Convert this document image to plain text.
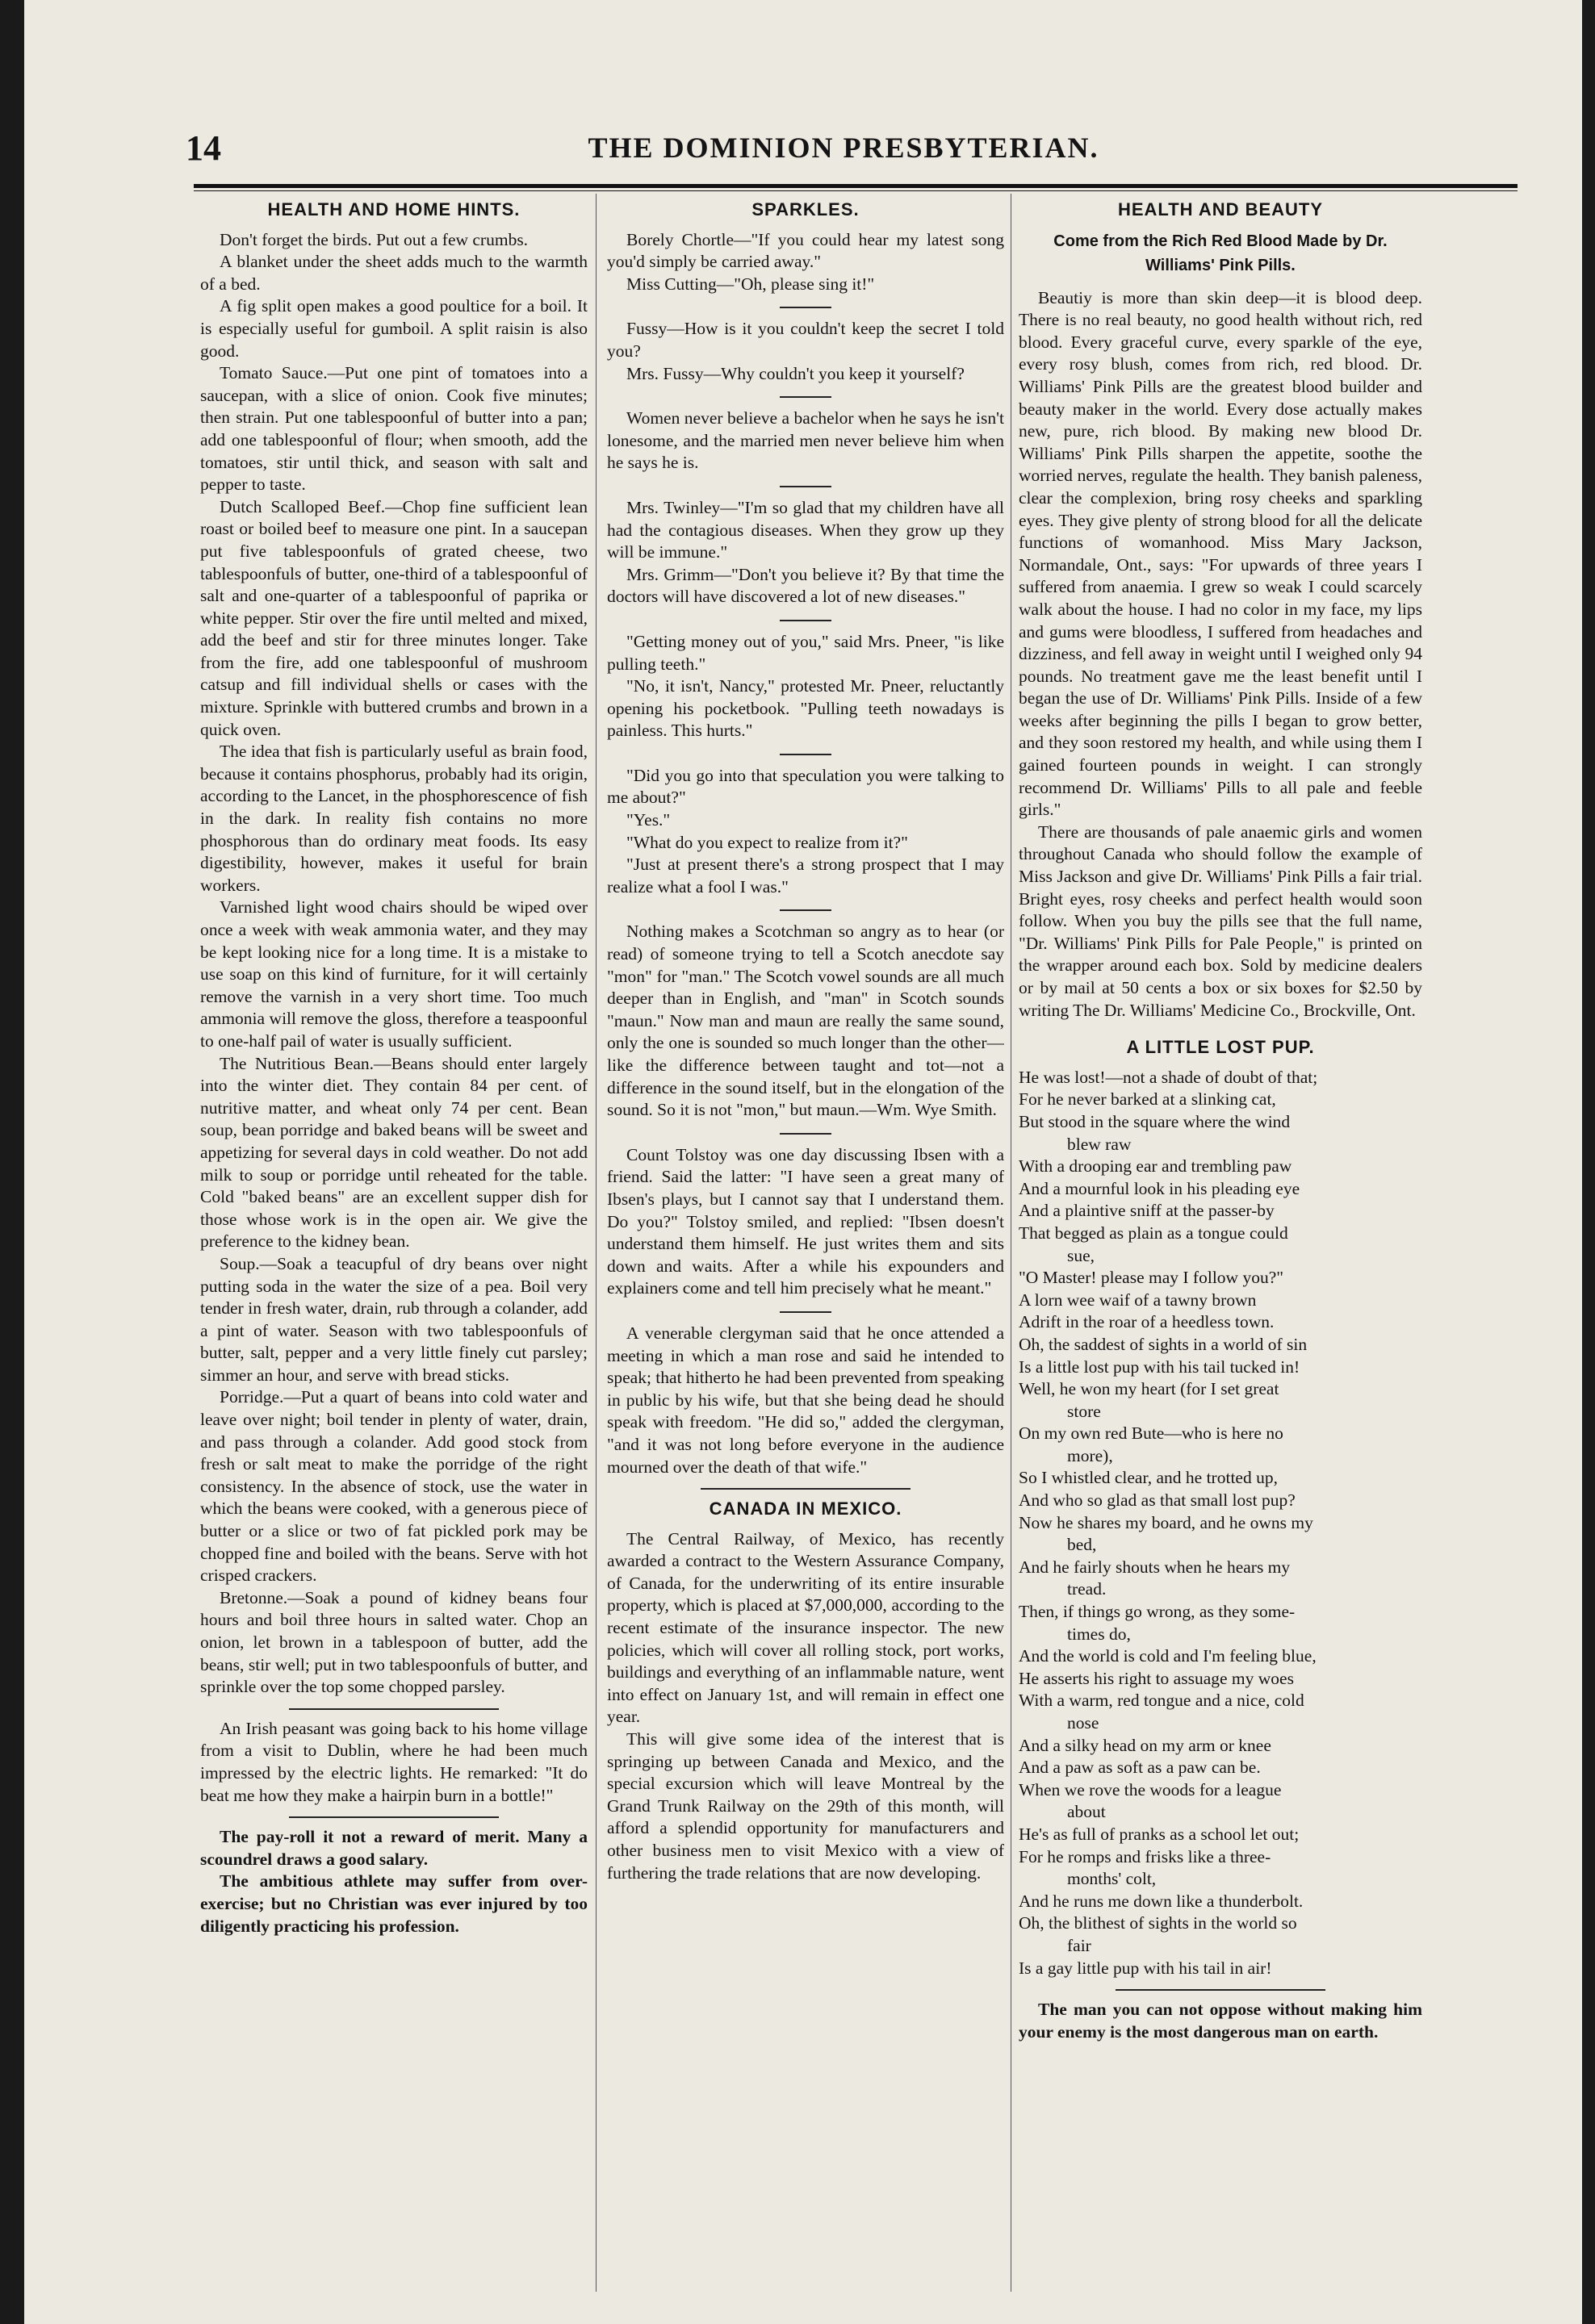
14	THE DOMINION PRESBYTERIAN.
HEALTH AND HOME HINTS.

Don't forget the birds. Put out a few crumbs.

A blanket under the sheet adds much to the warmth of a bed.

A fig split open makes a good poultice for a boil. It is especially useful for gumboil. A split raisin is also good.

Tomato Sauce.—Put one pint of tomatoes into a saucepan, with a slice of onion. Cook five minutes; then strain. Put one tablespoonful of butter into a pan; add one tablespoonful of flour; when smooth, add the tomatoes, stir until thick, and season with salt and pepper to taste.

Dutch Scalloped Beef.—Chop fine sufficient lean roast or boiled beef to measure one pint. In a saucepan put five tablespoonfuls of grated cheese, two tablespoonfuls of butter, one-third of a tablespoonful of salt and one-quarter of a tablespoonful of paprika or white pepper. Stir over the fire until melted and mixed, add the beef and stir for three minutes longer. Take from the fire, add one tablespoonful of mushroom catsup and fill individual shells or cases with the mixture. Sprinkle with buttered crumbs and brown in a quick oven.

The idea that fish is particularly useful as brain food, because it contains phosphorus, probably had its origin, according to the Lancet, in the phosphorescence of fish in the dark. In reality fish contains no more phosphorous than do ordinary meat foods. Its easy digestibility, however, makes it useful for brain workers.

Varnished light wood chairs should be wiped over once a week with weak ammonia water, and they may be kept looking nice for a long time. It is a mistake to use soap on this kind of furniture, for it will certainly remove the varnish in a very short time. Too much ammonia will remove the gloss, therefore a teaspoonful to one-half pail of water is usually sufficient.

The Nutritious Bean.—Beans should enter largely into the winter diet. They contain 84 per cent. of nutritive matter, and wheat only 74 per cent. Bean soup, bean porridge and baked beans will be sweet and appetizing for several days in cold weather. Do not add milk to soup or porridge until reheated for the table. Cold "baked beans" are an excellent supper dish for those whose work is in the open air. We give the preference to the kidney bean.

Soup.—Soak a teacupful of dry beans over night putting soda in the water the size of a pea. Boil very tender in fresh water, drain, rub through a colander, add a pint of water. Season with two tablespoonfuls of butter, salt, pepper and a very little finely cut parsley; simmer an hour, and serve with bread sticks.

Porridge.—Put a quart of beans into cold water and leave over night; boil tender in plenty of water, drain, and pass through a colander. Add good stock from fresh or salt meat to make the porridge of the right consistency. In the absence of stock, use the water in which the beans were cooked, with a generous piece of butter or a slice or two of fat pickled pork may be chopped fine and boiled with the beans. Serve with hot crisped crackers.

Bretonne.—Soak a pound of kidney beans four hours and boil three hours in salted water. Chop an onion, let brown in a tablespoon of butter, add the beans, stir well; put in two tablespoonfuls of butter, and sprinkle over the top some chopped parsley.

An Irish peasant was going back to his home village from a visit to Dublin, where he had been much impressed by the electric lights. He remarked: "It do beat me how they make a hairpin burn in a bottle!"

The pay-roll it not a reward of merit. Many a scoundrel draws a good salary.

The ambitious athlete may suffer from over-exercise; but no Christian was ever injured by too diligently practicing his profession.

SPARKLES.

Borely Chortle—"If you could hear my latest song you'd simply be carried away."

Miss Cutting—"Oh, please sing it!"

Fussy—How is it you couldn't keep the secret I told you?

Mrs. Fussy—Why couldn't you keep it yourself?

Women never believe a bachelor when he says he isn't lonesome, and the married men never believe him when he says he is.

Mrs. Twinley—"I'm so glad that my children have all had the contagious diseases. When they grow up they will be immune."

Mrs. Grimm—"Don't you believe it? By that time the doctors will have discovered a lot of new diseases."

"Getting money out of you," said Mrs. Pneer, "is like pulling teeth."

"No, it isn't, Nancy," protested Mr. Pneer, reluctantly opening his pocketbook. "Pulling teeth nowadays is painless. This hurts."

"Did you go into that speculation you were talking to me about?"

"Yes."

"What do you expect to realize from it?"

"Just at present there's a strong prospect that I may realize what a fool I was."

Nothing makes a Scotchman so angry as to hear (or read) of someone trying to tell a Scotch anecdote say "mon" for "man." The Scotch vowel sounds are all much deeper than in English, and "man" in Scotch sounds "maun." Now man and maun are really the same sound, only the one is sounded so much longer than the other—like the difference between taught and tot—not a difference in the sound itself, but in the elongation of the sound. So it is not "mon," but maun.—Wm. Wye Smith.

Count Tolstoy was one day discussing Ibsen with a friend. Said the latter: "I have seen a great many of Ibsen's plays, but I cannot say that I understand them. Do you?" Tolstoy smiled, and replied: "Ibsen doesn't understand them himself. He just writes them and sits down and waits. After a while his expounders and explainers come and tell him precisely what he meant."

A venerable clergyman said that he once attended a meeting in which a man rose and said he intended to speak; that hitherto he had been prevented from speaking in public by his wife, but that she being dead he should speak with freedom. "He did so," added the clergyman, "and it was not long before everyone in the audience mourned over the death of that wife."

CANADA IN MEXICO.

The Central Railway, of Mexico, has recently awarded a contract to the Western Assurance Company, of Canada, for the underwriting of its entire insurable property, which is placed at $7,000,000, according to the recent estimate of the insurance inspector. The new policies, which will cover all rolling stock, port works, buildings and everything of an inflammable nature, went into effect on January 1st, and will remain in effect one year.

This will give some idea of the interest that is springing up between Canada and Mexico, and the special excursion which will leave Montreal by the Grand Trunk Railway on the 29th of this month, will afford a splendid opportunity for manufacturers and other business men to visit Mexico with a view of furthering the trade relations that are now developing.

HEALTH AND BEAUTY
Come from the Rich Red Blood Made by Dr. Williams' Pink Pills.

Beautiy is more than skin deep—it is blood deep. There is no real beauty, no good health without rich, red blood. Every graceful curve, every sparkle of the eye, every rosy blush, comes from rich, red blood. Dr. Williams' Pink Pills are the greatest blood builder and beauty maker in the world. Every dose actually makes new, pure, rich blood. By making new blood Dr. Williams' Pink Pills sharpen the appetite, soothe the worried nerves, regulate the health. They banish paleness, clear the complexion, bring rosy cheeks and sparkling eyes. They give plenty of strong blood for all the delicate functions of womanhood. Miss Mary Jackson, Normandale, Ont., says: "For upwards of three years I suffered from anaemia. I grew so weak I could scarcely walk about the house. I had no color in my face, my lips and gums were bloodless, I suffered from headaches and dizziness, and fell away in weight until I weighed only 94 pounds. No treatment gave me the least benefit until I began the use of Dr. Williams' Pink Pills. Inside of a few weeks after beginning the pills I began to grow better, and they soon restored my health, and while using them I gained fourteen pounds in weight. I can strongly recommend Dr. Williams' Pills to all pale and feeble girls."

There are thousands of pale anaemic girls and women throughout Canada who should follow the example of Miss Jackson and give Dr. Williams' Pink Pills a fair trial. Bright eyes, rosy cheeks and perfect health would soon follow. When you buy the pills see that the full name, "Dr. Williams' Pink Pills for Pale People," is printed on the wrapper around each box. Sold by medicine dealers or by mail at 50 cents a box or six boxes for $2.50 by writing The Dr. Williams' Medicine Co., Brockville, Ont.

A LITTLE LOST PUP.

He was lost!—not a shade of doubt of that;

For he never barked at a slinking cat,

But stood in the square where the wind

blew raw

With a drooping ear and trembling paw

And a mournful look in his pleading eye

And a plaintive sniff at the passer-by

That begged as plain as a tongue could

sue,

"O Master! please may I follow you?"

A lorn wee waif of a tawny brown

Adrift in the roar of a heedless town.

Oh, the saddest of sights in a world of sin

Is a little lost pup with his tail tucked in!

Well, he won my heart (for I set great

store

On my own red Bute—who is here no

more),

So I whistled clear, and he trotted up,

And who so glad as that small lost pup?

Now he shares my board, and he owns my

bed,

And he fairly shouts when he hears my

tread.

Then, if things go wrong, as they some-

times do,

And the world is cold and I'm feeling blue,

He asserts his right to assuage my woes

With a warm, red tongue and a nice, cold

nose

And a silky head on my arm or knee

And a paw as soft as a paw can be.

When we rove the woods for a league

about

He's as full of pranks as a school let out;

For he romps and frisks like a three-

months' colt,

And he runs me down like a thunderbolt.

Oh, the blithest of sights in the world so

fair

Is a gay little pup with his tail in air!

The man you can not oppose without making him your enemy is the most dangerous man on earth.
